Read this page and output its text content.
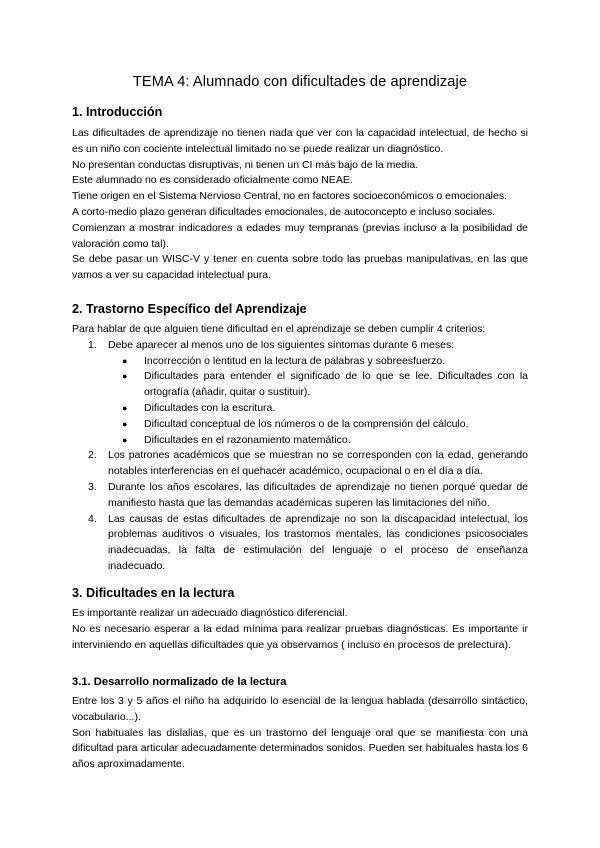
TEMA 4: Alumnado con dificultades de aprendizaje
1. Introducción

Las dificultades de aprendizaje no tienen nada que ver con la capacidad intelectual, de hecho si es un niño con cociente intelectual limitado no se puede realizar un diagnóstico.

No presentan conductas disruptivas, ni tienen un CI más bajo de la media.

Este alumnado no es considerado oficialmente como NEAE.

Tiene origen en el Sistema Nervioso Central, no en factores socioeconómicos o emocionales.

A corto-medio plazo generan dificultades emocionales, de autoconcepto e incluso sociales.

Comienzan a mostrar indicadores a edades muy tempranas (previas incluso a la posibilidad de valoración como tal).

Se debe pasar un WISC-V y tener en cuenta sobre todo las pruebas manipulativas, en las que vamos a ver su capacidad intelectual pura.

2. Trastorno Específico del Aprendizaje

Para hablar de que alguien tiene dificultad en el aprendizaje se deben cumplir 4 criterios:

1. Debe aparecer al menos uno de los siguientes síntomas durante 6 meses:
● Incorrección o lentitud en la lectura de palabras y sobreesfuerzo.
● Dificultades para entender el significado de lo que se lee. Dificultades con la ortografía (añadir, quitar o sustituir).
● Dificultades con la escritura.
● Dificultad conceptual de los números o de la comprensión del cálculo.
● Dificultades en el razonamiento matemático.
2. Los patrones académicos que se muestran no se corresponden con la edad, generando notables interferencias en el quehacer académico, ocupacional o en el día a día.
3. Durante los años escolares, las dificultades de aprendizaje no tienen porqué quedar de manifiesto hasta que las demandas académicas superen las limitaciones del niño.
4. Las causas de estas dificultades de aprendizaje no son la discapacidad intelectual, los problemas auditivos o visuales, los trastornos mentales, las condiciones psicosociales inadecuadas, la falta de estimulación del lenguaje o el proceso de enseñanza inadecuado.
3. Dificultades en la lectura

Es importante realizar un adecuado diagnóstico diferencial.

No es necesario esperar a la edad mínima para realizar pruebas diagnósticas. Es importante ir interviniendo en aquellas dificultades que ya observamos ( incluso en procesos de prelectura).

3.1. Desarrollo normalizado de la lectura

Entre los 3 y 5 años el niño ha adquirido lo esencial de la lengua hablada (desarrollo sintáctico, vocabulario...).

Son habituales las dislalias, que es un trastorno del lenguaje oral que se manifiesta con una dificultad para articular adecuadamente determinados sonidos. Pueden ser habituales hasta los 6 años aproximadamente.
